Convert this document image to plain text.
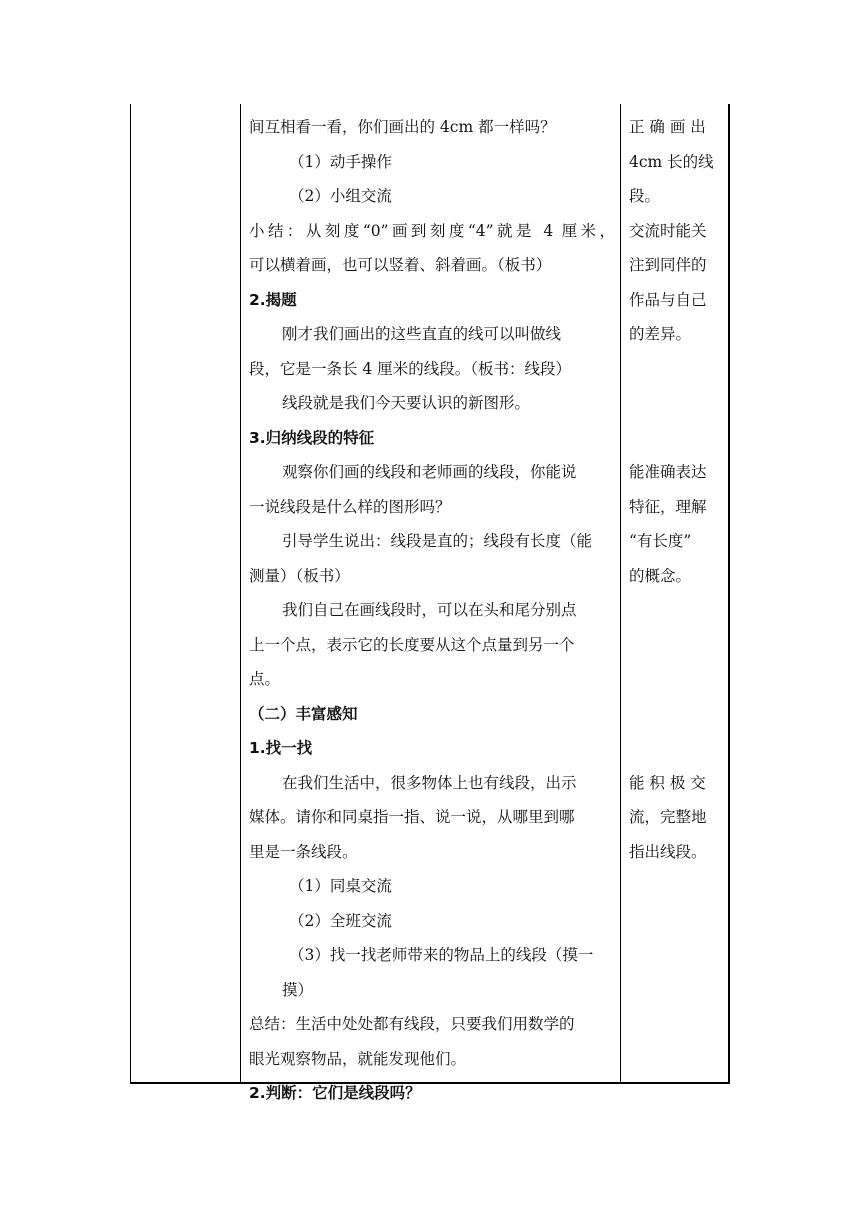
间互相看一看，你们画出的 4cm 都一样吗？
（1）动手操作
（2）小组交流
小结：从刻度“0”画到刻度“4”就是 4 厘米，
可以横着画，也可以竖着、斜着画。（板书）
2.揭题
刚才我们画出的这些直直的线可以叫做线
段，它是一条长 4 厘米的线段。（板书：线段）
线段就是我们今天要认识的新图形。
3.归纳线段的特征
观察你们画的线段和老师画的线段，你能说
一说线段是什么样的图形吗？
引导学生说出：线段是直的；线段有长度（能
测量）（板书）
我们自己在画线段时，可以在头和尾分别点
上一个点，表示它的长度要从这个点量到另一个
点。
（二）丰富感知
1.找一找
在我们生活中，很多物体上也有线段，出示
媒体。请你和同桌指一指、说一说，从哪里到哪
里是一条线段。
（1）同桌交流
（2）全班交流
（3）找一找老师带来的物品上的线段（摸一
摸）
总结：生活中处处都有线段，只要我们用数学的
眼光观察物品，就能发现他们。
2.判断：它们是线段吗？
正 确 画 出
4cm 长的线
段。
交流时能关
注到同伴的
作品与自己
的差异。
能准确表达
特征，理解
“有长度”
的概念。
能 积 极 交
流，完整地
指出线段。
